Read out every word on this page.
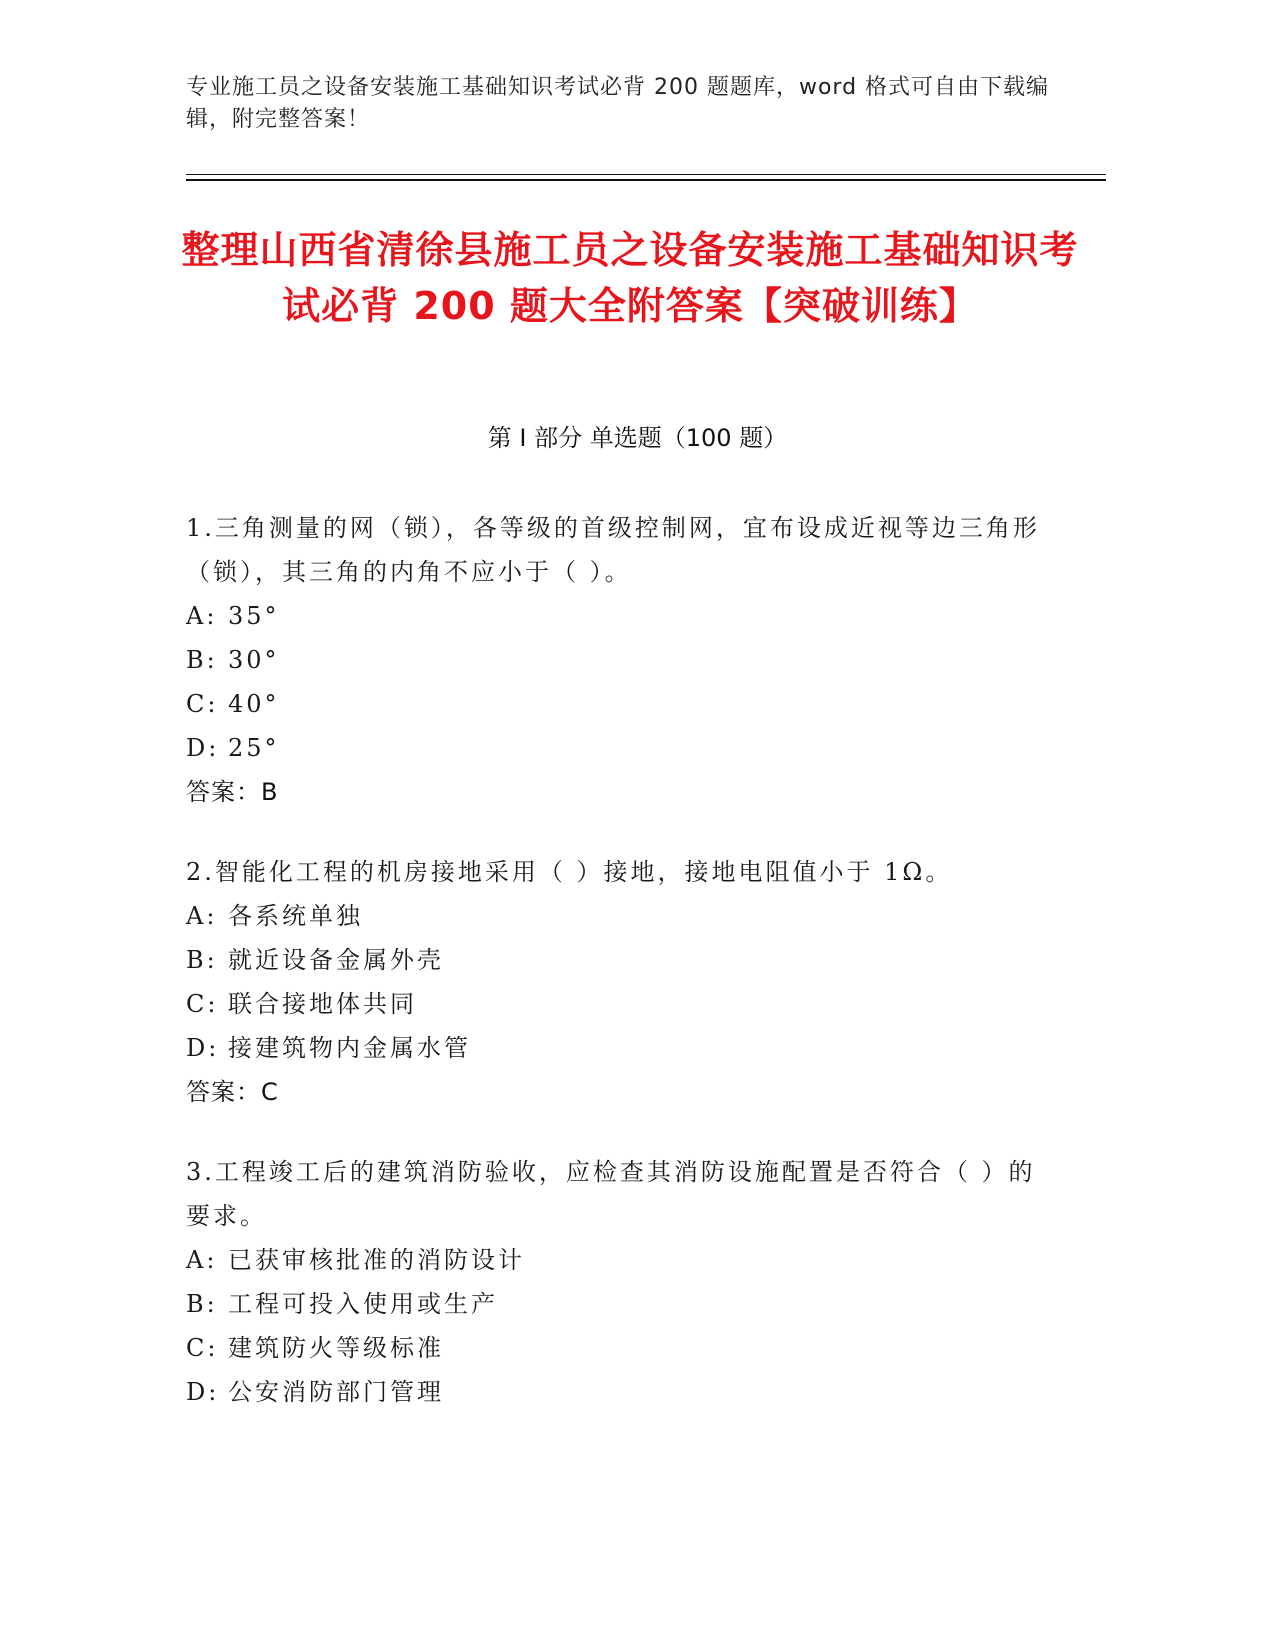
专业施工员之设备安装施工基础知识考试必背 200 题题库，word 格式可自由下载编辑，附完整答案！
整理山西省清徐县施工员之设备安装施工基础知识考试必背 200 题大全附答案【突破训练】
第 I 部分 单选题（100 题）
1.三角测量的网（锁），各等级的首级控制网，宜布设成近视等边三角形（锁），其三角的内角不应小于（ ）。
A: 35°
B: 30°
C: 40°
D: 25°
答案：B
2.智能化工程的机房接地采用（ ）接地，接地电阻值小于 1Ω。
A: 各系统单独
B: 就近设备金属外壳
C: 联合接地体共同
D: 接建筑物内金属水管
答案：C
3.工程竣工后的建筑消防验收，应检查其消防设施配置是否符合（ ）的要求。
A: 已获审核批准的消防设计
B: 工程可投入使用或生产
C: 建筑防火等级标准
D: 公安消防部门管理
